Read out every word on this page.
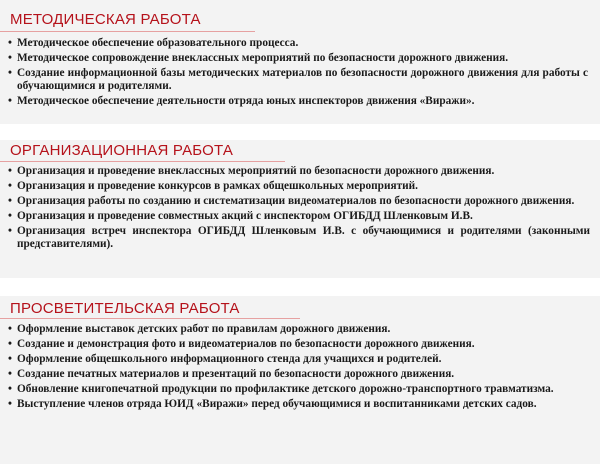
МЕТОДИЧЕСКАЯ РАБОТА
• Методическое обеспечение образовательного процесса.
• Методическое сопровождение внеклассных мероприятий по безопасности дорожного движения.
• Создание информационной базы методических материалов по безопасности дорожного движения для работы с обучающимися и родителями.
• Методическое обеспечение деятельности отряда юных инспекторов движения «Виражи».
ОРГАНИЗАЦИОННАЯ РАБОТА
• Организация и проведение внеклассных мероприятий по безопасности дорожного движения.
• Организация и проведение конкурсов в рамках общешкольных мероприятий.
• Организация работы по созданию и систематизации видеоматериалов по безопасности дорожного движения.
• Организация и проведение совместных акций с инспектором ОГИБДД Шленковым И.В.
• Организация встреч инспектора ОГИБДД Шленковым И.В. с обучающимися и родителями (законными представителями).
ПРОСВЕТИТЕЛЬСКАЯ РАБОТА
• Оформление выставок детских работ по правилам дорожного движения.
• Создание и демонстрация фото и видеоматериалов по безопасности дорожного движения.
• Оформление общешкольного информационного стенда для учащихся и родителей.
• Создание печатных материалов и презентаций по безопасности дорожного движения.
• Обновление книгопечатной продукции по профилактике детского дорожно-транспортного травматизма.
• Выступление членов отряда ЮИД «Виражи» перед обучающимися и воспитанниками детских садов.
